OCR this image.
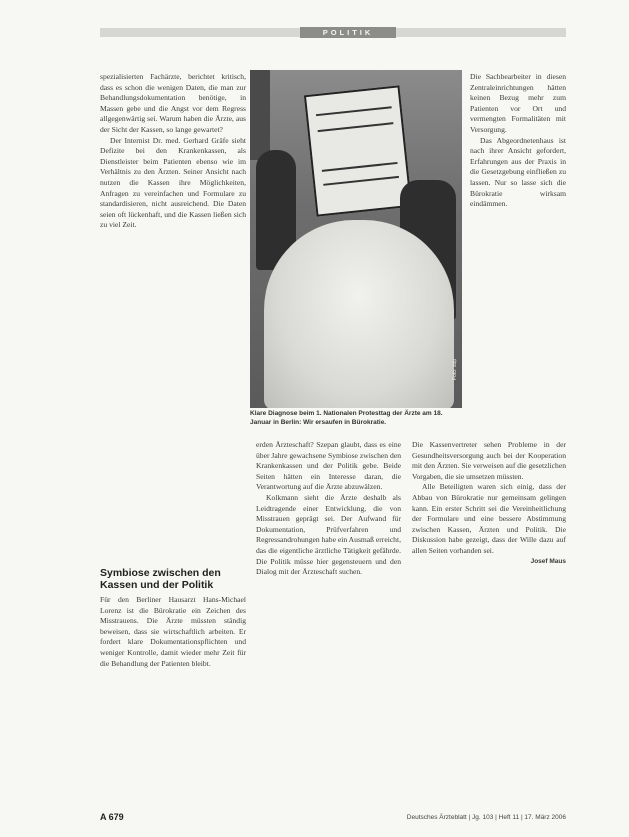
POLITIK

spezialisierten Fachärzte, berichtet kritisch, dass es schon die wenigen Daten, die man zur Behandlungsdokumentation benötige, in Massen gebe und die Angst vor dem Regress allgegenwärtig sei. Warum haben die Ärzte, aus der Sicht der Kassen, so lange gewartet?

Der Internist Dr. med. Gerhard Gräfe sieht Defizite bei den Krankenkassen, als Dienstleister beim Patienten ebenso wie im Verhältnis zu den Ärzten. Seiner Ansicht nach nutzen die Kassen ihre Möglichkeiten, Anfragen zu vereinfachen und Formulare zu standardisieren, nicht ausreichend. Die Daten seien oft lückenhaft, und die Kassen ließen sich zu viel Zeit.

Foto: ddp
Klare Diagnose beim 1. Nationalen Protesttag der Ärzte am 18. Januar in Berlin: Wir ersaufen in Bürokratie.
Symbiose zwischen den Kassen und der Politik

Für den Berliner Hausarzt Hans-Michael Lorenz ist die Bürokratie ein Zeichen des Misstrauens. Die Ärzte müssten ständig beweisen, dass sie wirtschaftlich arbeiten. Er fordert klare Dokumentationspflichten und weniger Kontrolle, damit wieder mehr Zeit für die Behandlung der Patienten bleibt.

erden Ärzteschaft? Szepan glaubt, dass es eine über Jahre gewachsene Symbiose zwischen den Krankenkassen und der Politik gebe. Beide Seiten hätten ein Interesse daran, die Verantwortung auf die Ärzte abzuwälzen.

Kolkmann sieht die Ärzte deshalb als Leidtragende einer Entwicklung, die von Misstrauen geprägt sei. Der Aufwand für Dokumentation, Prüfverfahren und Regressandrohungen habe ein Ausmaß erreicht, das die eigentliche ärztliche Tätigkeit gefährde. Die Politik müsse hier gegensteuern und den Dialog mit der Ärzteschaft suchen.

Die Sachbearbeiter in diesen Zentraleinrichtungen hätten keinen Bezug mehr zum Patienten vor Ort und vermengten Formalitäten mit Versorgung.

Das Abgeordnetenhaus ist nach ihrer Ansicht gefordert, Erfahrungen aus der Praxis in die Gesetzgebung einfließen zu lassen. Nur so lasse sich die Bürokratie wirksam eindämmen.

Die Kassenvertreter sehen Probleme in der Gesundheitsversorgung auch bei der Kooperation mit den Ärzten. Sie verweisen auf die gesetzlichen Vorgaben, die sie umsetzen müssten.

Alle Beteiligten waren sich einig, dass der Abbau von Bürokratie nur gemeinsam gelingen kann. Ein erster Schritt sei die Vereinheitlichung der Formulare und eine bessere Abstimmung zwischen Kassen, Ärzten und Politik. Die Diskussion habe gezeigt, dass der Wille dazu auf allen Seiten vorhanden sei.

Josef Maus

A 679	Deutsches Ärzteblatt | Jg. 103 | Heft 11 | 17. März 2006
